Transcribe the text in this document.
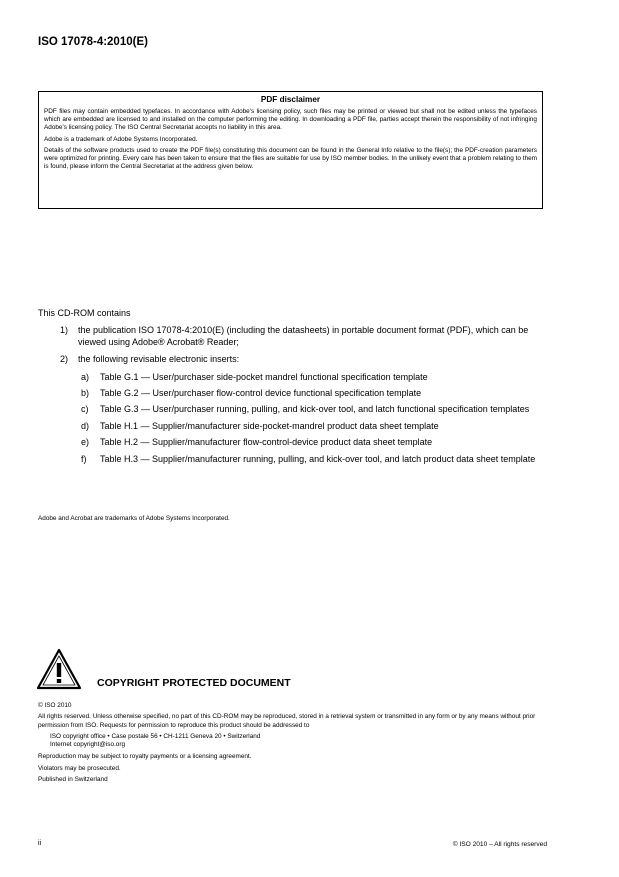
ISO 17078-4:2010(E)
PDF disclaimer

PDF files may contain embedded typefaces. In accordance with Adobe's licensing policy, such files may be printed or viewed but shall not be edited unless the typefaces which are embedded are licensed to and installed on the computer performing the editing. In downloading a PDF file, parties accept therein the responsibility of not infringing Adobe's licensing policy. The ISO Central Secretariat accepts no liability in this area.

Adobe is a trademark of Adobe Systems Incorporated.

Details of the software products used to create the PDF file(s) constituting this document can be found in the General Info relative to the file(s); the PDF-creation parameters were optimized for printing. Every care has been taken to ensure that the files are suitable for use by ISO member bodies. In the unlikely event that a problem relating to them is found, please inform the Central Secretariat at the address given below.

This CD-ROM contains

1) the publication ISO 17078-4:2010(E) (including the datasheets) in portable document format (PDF), which can be viewed using Adobe® Acrobat® Reader;
2) the following revisable electronic inserts:
a) Table G.1 — User/purchaser side-pocket mandrel functional specification template
b) Table G.2 — User/purchaser flow-control device functional specification template
c) Table G.3 — User/purchaser running, pulling, and kick-over tool, and latch functional specification templates
d) Table H.1 — Supplier/manufacturer side-pocket-mandrel product data sheet template
e) Table H.2 — Supplier/manufacturer flow-control-device product data sheet template
f) Table H.3 — Supplier/manufacturer running, pulling, and kick-over tool, and latch product data sheet template
Adobe and Acrobat are trademarks of Adobe Systems Incorporated.
COPYRIGHT PROTECTED DOCUMENT

© ISO 2010

All rights reserved. Unless otherwise specified, no part of this CD-ROM may be reproduced, stored in a retrieval system or transmitted in any form or by any means without prior permission from ISO. Requests for permission to reproduce this product should be addressed to

ISO copyright office • Case postale 56 • CH-1211 Geneva 20 • Switzerland
Internet copyright@iso.org

Reproduction may be subject to royalty payments or a licensing agreement.

Violators may be prosecuted.

Published in Switzerland

ii	© ISO 2010 – All rights reserved
